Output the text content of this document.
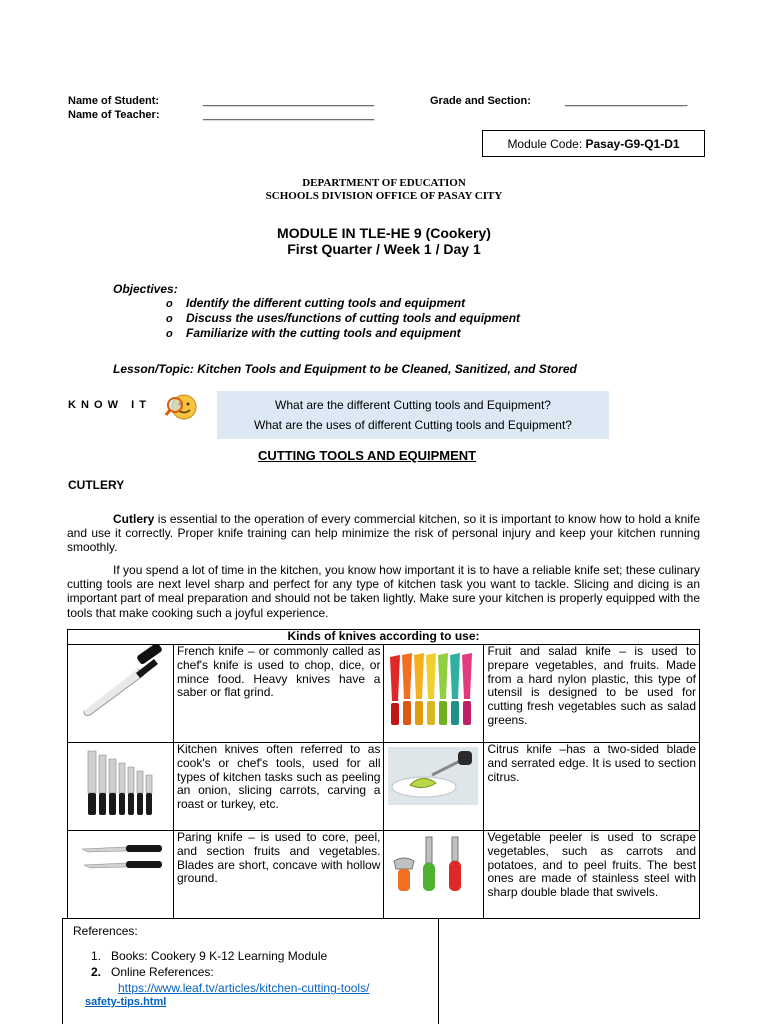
Name of Student:	____________________________	Grade and Section:	____________________
Name of Teacher:	____________________________
Module Code:
Pasay-G9-Q1-D1
DEPARTMENT OF EDUCATION
SCHOOLS DIVISION OFFICE OF PASAY CITY
MODULE IN TLE-HE 9 (Cookery)
First Quarter / Week 1 / Day 1
Objectives:
o Identify the different cutting tools and equipment
o Discuss the uses/functions of cutting tools and equipment
o Familiarize with the cutting tools and equipment
Lesson/Topic: Kitchen Tools and Equipment to be Cleaned, Sanitized, and Stored
K N O W   I T	What are the different Cutting tools and Equipment?
What are the uses of different Cutting tools and Equipment?
CUTTING TOOLS AND EQUIPMENT
CUTLERY
Cutlery is essential to the operation of every commercial kitchen, so it is important to know how to hold a knife and use it correctly. Proper knife training can help minimize the risk of personal injury and keep your kitchen running smoothly.
If you spend a lot of time in the kitchen, you know how important it is to have a reliable knife set; these culinary cutting tools are next level sharp and perfect for any type of kitchen task you want to tackle. Slicing and dicing is an important part of meal preparation and should not be taken lightly. Make sure your kitchen is properly equipped with the tools that make cooking such a joyful experience.
Kinds of knives according to use:			
	French knife – or commonly called as chef's knife is used to chop, dice, or mince food. Heavy knives have a saber or flat grind.		Fruit and salad knife – is used to prepare vegetables, and fruits. Made from a hard nylon plastic, this type of utensil is designed to be used for cutting fresh vegetables such as salad greens.
	Kitchen knives often referred to as cook's or chef's tools, used for all types of kitchen tasks such as peeling an onion, slicing carrots, carving a roast or turkey, etc.		Citrus knife –has a two-sided blade and serrated edge. It is used to section citrus.
	Paring knife – is used to core, peel, and section fruits and vegetables. Blades are short, concave with hollow ground.		Vegetable peeler is used to scrape vegetables, such as carrots and potatoes, and to peel fruits. The best ones are made of stainless steel with sharp double blade that swivels.
References:
1. Books: Cookery 9 K-12 Learning Module
2. Online References:
https://www.leaf.tv/articles/kitchen-cutting-tools/
safety-tips.html
